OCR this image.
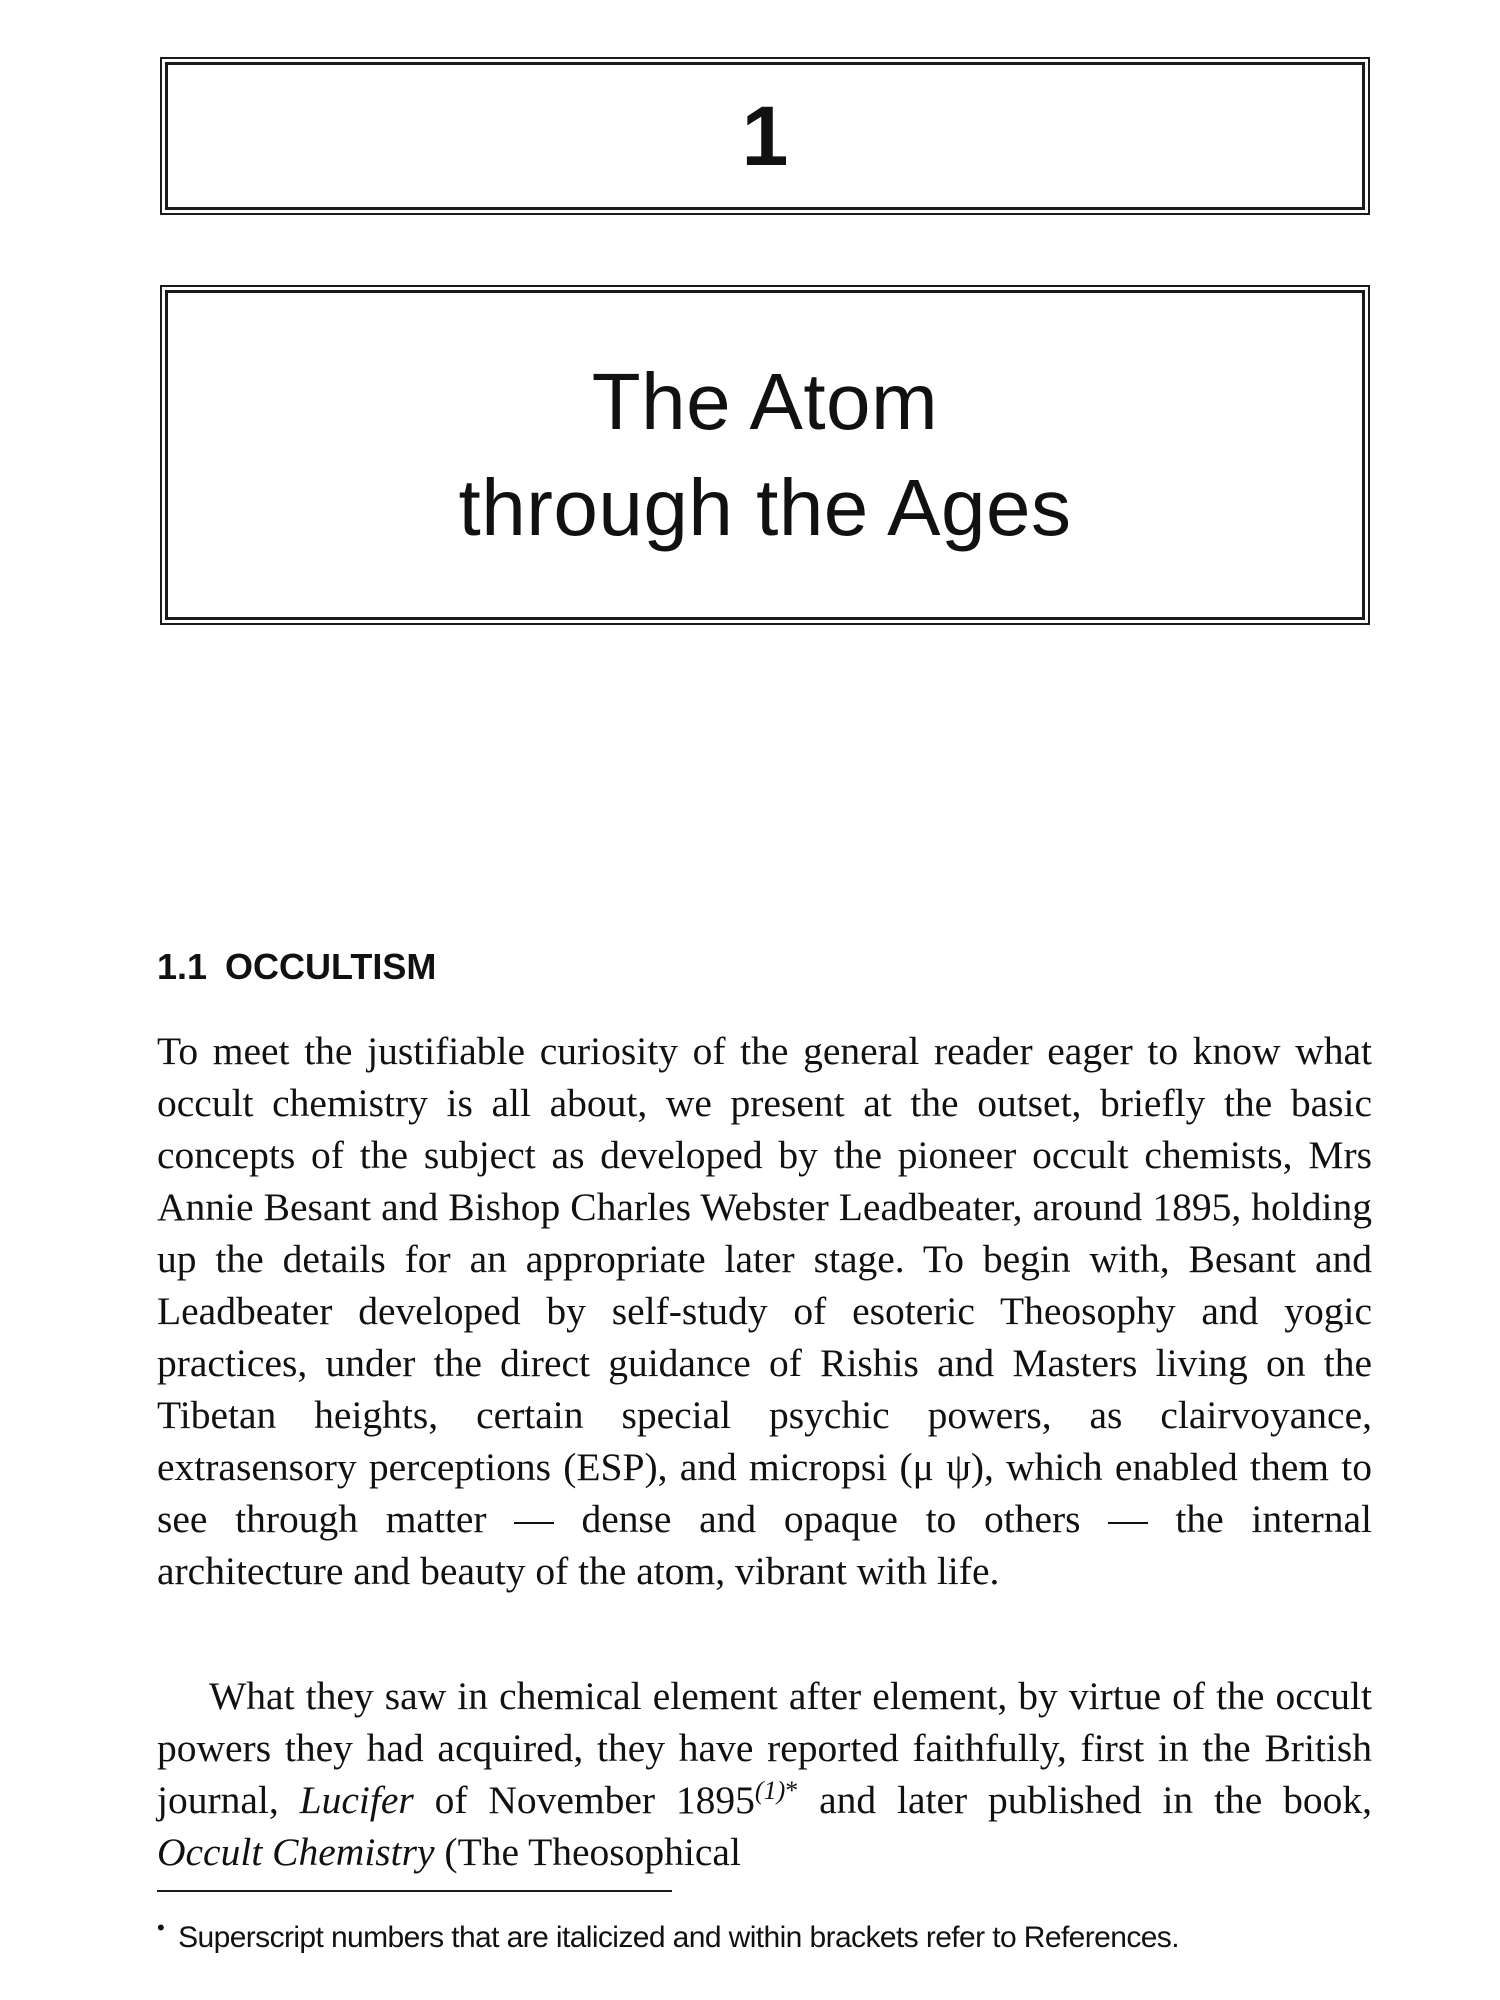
1
The Atom
through the Ages
1.1 OCCULTISM

To meet the justifiable curiosity of the general reader eager to know what occult chemistry is all about, we present at the outset, briefly the basic concepts of the subject as developed by the pioneer occult chemists, Mrs Annie Besant and Bishop Charles Webster Leadbeater, around 1895, holding up the details for an appropriate later stage. To begin with, Besant and Leadbeater developed by self-study of esoteric Theosophy and yogic practices, under the direct guidance of Rishis and Masters living on the Tibetan heights, certain special psychic powers, as clairvoyance, extrasensory perceptions (ESP), and micropsi (μ ψ), which enabled them to see through matter — dense and opaque to others — the internal architecture and beauty of the atom, vibrant with life.

What they saw in chemical element after element, by virtue of the occult powers they had acquired, they have reported faithfully, first in the British journal, Lucifer of November 1895$^{(1)*}$ and later published in the book, Occult Chemistry (The Theosophical

• Superscript numbers that are italicized and within brackets refer to References.
